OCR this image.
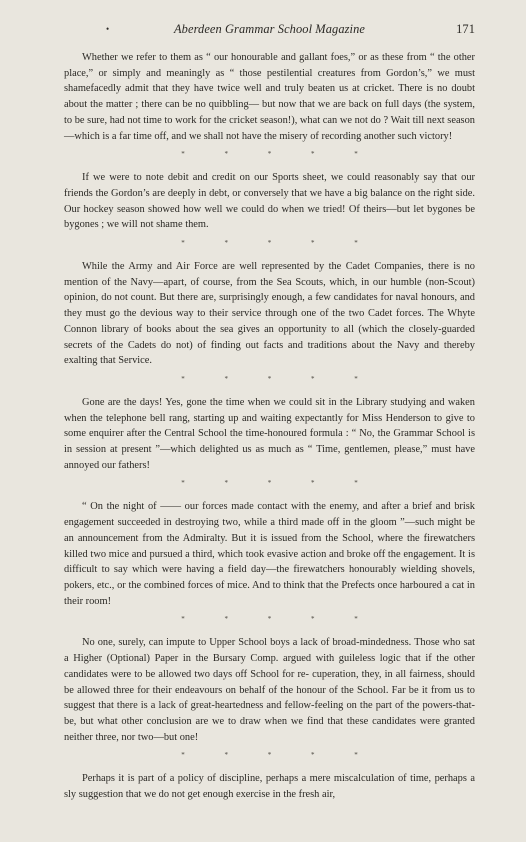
•	Aberdeen Grammar School Magazine	171

Whether we refer to them as “ our honourable and gallant foes,” or as these from “ the other place,” or simply and meaningly as “ those pestilential creatures from Gordon’s,” we must shamefacedly admit that they have twice well and truly beaten us at cricket. There is no doubt about the matter ; there can be no quibbling— but now that we are back on full days (the system, to be sure, had not time to work for the cricket season!), what can we not do ? Wait till next season—which is a far time off, and we shall not have the misery of recording another such victory!

* * * * *

If we were to note debit and credit on our Sports sheet, we could reasonably say that our friends the Gordon’s are deeply in debt, or conversely that we have a big balance on the right side. Our hockey season showed how well we could do when we tried! Of theirs—but let bygones be bygones ; we will not shame them.

* * * * *

While the Army and Air Force are well represented by the Cadet Companies, there is no mention of the Navy—apart, of course, from the Sea Scouts, which, in our humble (non-Scout) opinion, do not count. But there are, surprisingly enough, a few candidates for naval honours, and they must go the devious way to their service through one of the two Cadet forces. The Whyte Connon library of books about the sea gives an opportunity to all (which the closely-guarded secrets of the Cadets do not) of finding out facts and traditions about the Navy and thereby exalting that Service.

* * * * *

Gone are the days! Yes, gone the time when we could sit in the Library studying and waken when the telephone bell rang, starting up and waiting expectantly for Miss Henderson to give to some enquirer after the Central School the time-honoured formula : “ No, the Grammar School is in session at present ”—which delighted us as much as “ Time, gentlemen, please,” must have annoyed our fathers!

* * * * *

“ On the night of —— our forces made contact with the enemy, and after a brief and brisk engagement succeeded in destroying two, while a third made off in the gloom ”—such might be an announcement from the Admiralty. But it is issued from the School, where the firewatchers killed two mice and pursued a third, which took evasive action and broke off the engagement. It is difficult to say which were having a field day—the firewatchers honourably wielding shovels, pokers, etc., or the combined forces of mice. And to think that the Prefects once harboured a cat in their room!

* * * * *

No one, surely, can impute to Upper School boys a lack of broad-mindedness. Those who sat a Higher (Optional) Paper in the Bursary Comp. argued with guileless logic that if the other candidates were to be allowed two days off School for re- cuperation, they, in all fairness, should be allowed three for their endeavours on behalf of the honour of the School. Far be it from us to suggest that there is a lack of great-heartedness and fellow-feeling on the part of the powers-that-be, but what other conclusion are we to draw when we find that these candidates were granted neither three, nor two—but one!

* * * * *

Perhaps it is part of a policy of discipline, perhaps a mere miscalculation of time, perhaps a sly suggestion that we do not get enough exercise in the fresh air,
